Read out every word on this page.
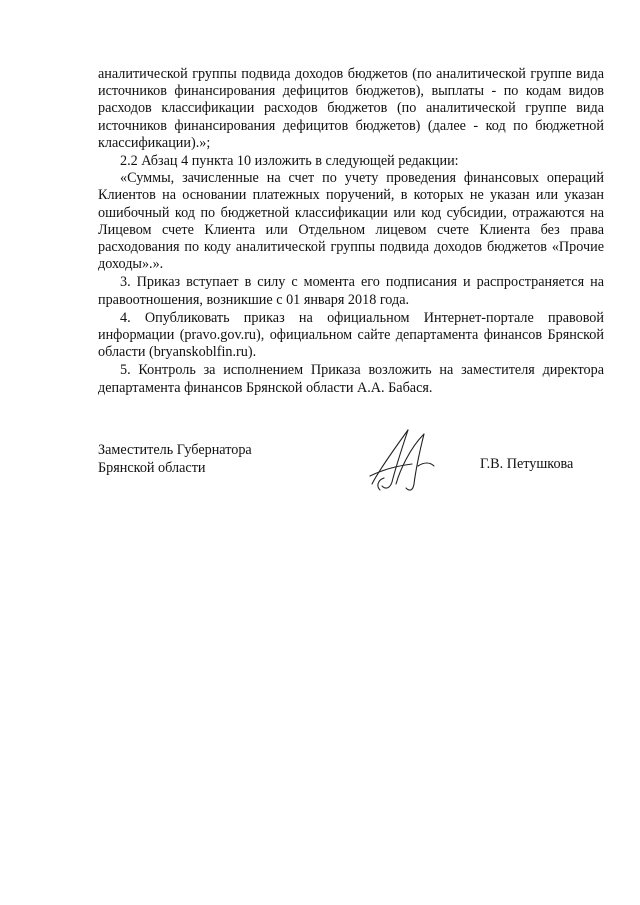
аналитической группы подвида доходов бюджетов (по аналитической группе вида источников финансирования дефицитов бюджетов), выплаты - по кодам видов расходов классификации расходов бюджетов (по аналитической группе вида источников финансирования дефицитов бюджетов) (далее - код по бюджетной классификации).»;

2.2 Абзац 4 пункта 10 изложить в следующей редакции:

«Суммы, зачисленные на счет по учету проведения финансовых операций Клиентов на основании платежных поручений, в которых не указан или указан ошибочный код по бюджетной классификации или код субсидии, отражаются на Лицевом счете Клиента или Отдельном лицевом счете Клиента без права расходования по коду аналитической группы подвида доходов бюджетов «Прочие доходы».».

3. Приказ вступает в силу с момента его подписания и распространяется на правоотношения, возникшие с 01 января 2018 года.

4. Опубликовать приказ на официальном Интернет-портале правовой информации (pravo.gov.ru), официальном сайте департамента финансов Брянской области (bryanskoblfin.ru).

5. Контроль за исполнением Приказа возложить на заместителя директора департамента финансов Брянской области А.А. Бабася.

Заместитель Губернатора
Брянской области	Г.В. Петушкова
